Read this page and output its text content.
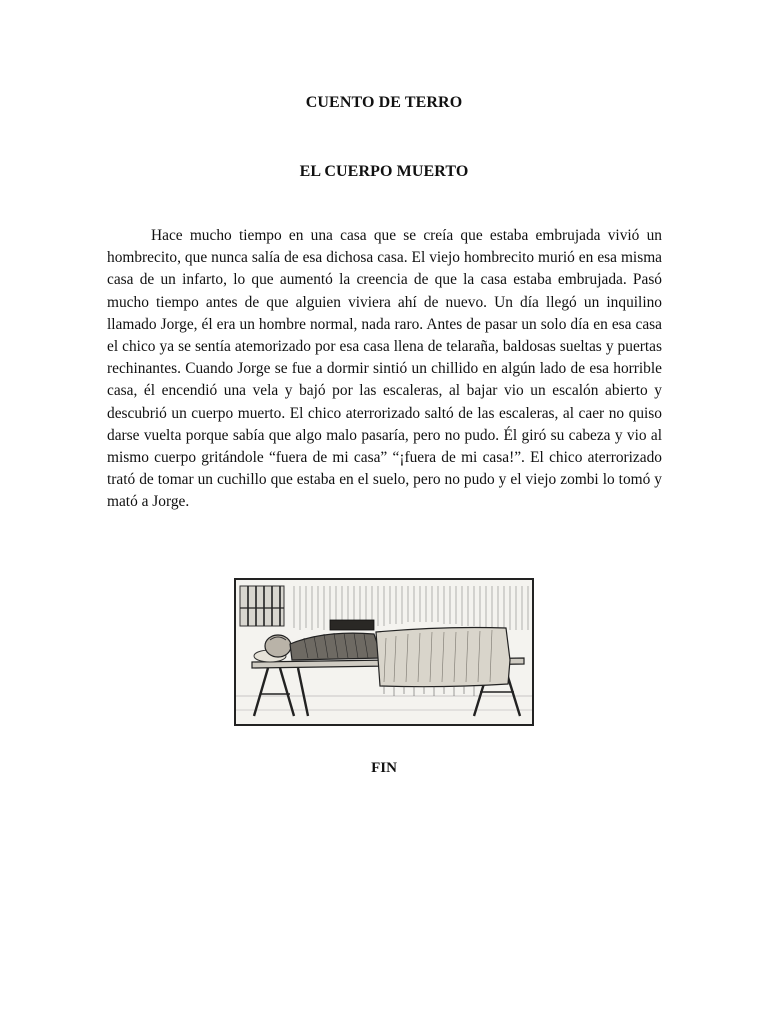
CUENTO DE TERRO
EL CUERPO MUERTO

Hace mucho tiempo en una casa que se creía que estaba embrujada vivió un hombrecito, que nunca salía de esa dichosa casa. El viejo hombrecito murió en esa misma casa de un infarto, lo que aumentó la creencia de que la casa estaba embrujada. Pasó mucho tiempo antes de que alguien viviera ahí de nuevo. Un día llegó un inquilino llamado Jorge, él era un hombre normal, nada raro. Antes de pasar un solo día en esa casa el chico ya se sentía atemorizado por esa casa llena de telaraña, baldosas sueltas y puertas rechinantes. Cuando Jorge se fue a dormir sintió un chillido en algún lado de esa horrible casa, él encendió una vela y bajó por las escaleras, al bajar vio un escalón abierto y descubrió un cuerpo muerto. El chico aterrorizado saltó de las escaleras, al caer no quiso darse vuelta porque sabía que algo malo pasaría, pero no pudo. Él giró su cabeza y vio al mismo cuerpo gritándole “fuera de mi casa” “¡fuera de mi casa!”. El chico aterrorizado trató de tomar un cuchillo que estaba en el suelo, pero no pudo y el viejo zombi lo tomó y mató a Jorge.

FIN
